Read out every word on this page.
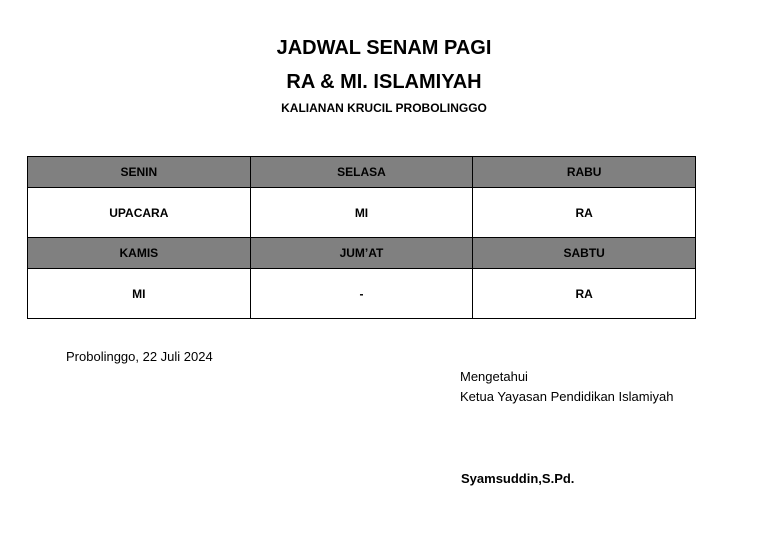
JADWAL SENAM PAGI
RA & MI. ISLAMIYAH
KALIANAN KRUCIL PROBOLINGGO
SENIN	SELASA	RABU
UPACARA	MI	RA
KAMIS	JUM’AT	SABTU
MI	-	RA
Probolinggo, 22 Juli 2024
Mengetahui
Ketua Yayasan Pendidikan Islamiyah
Syamsuddin,S.Pd.
